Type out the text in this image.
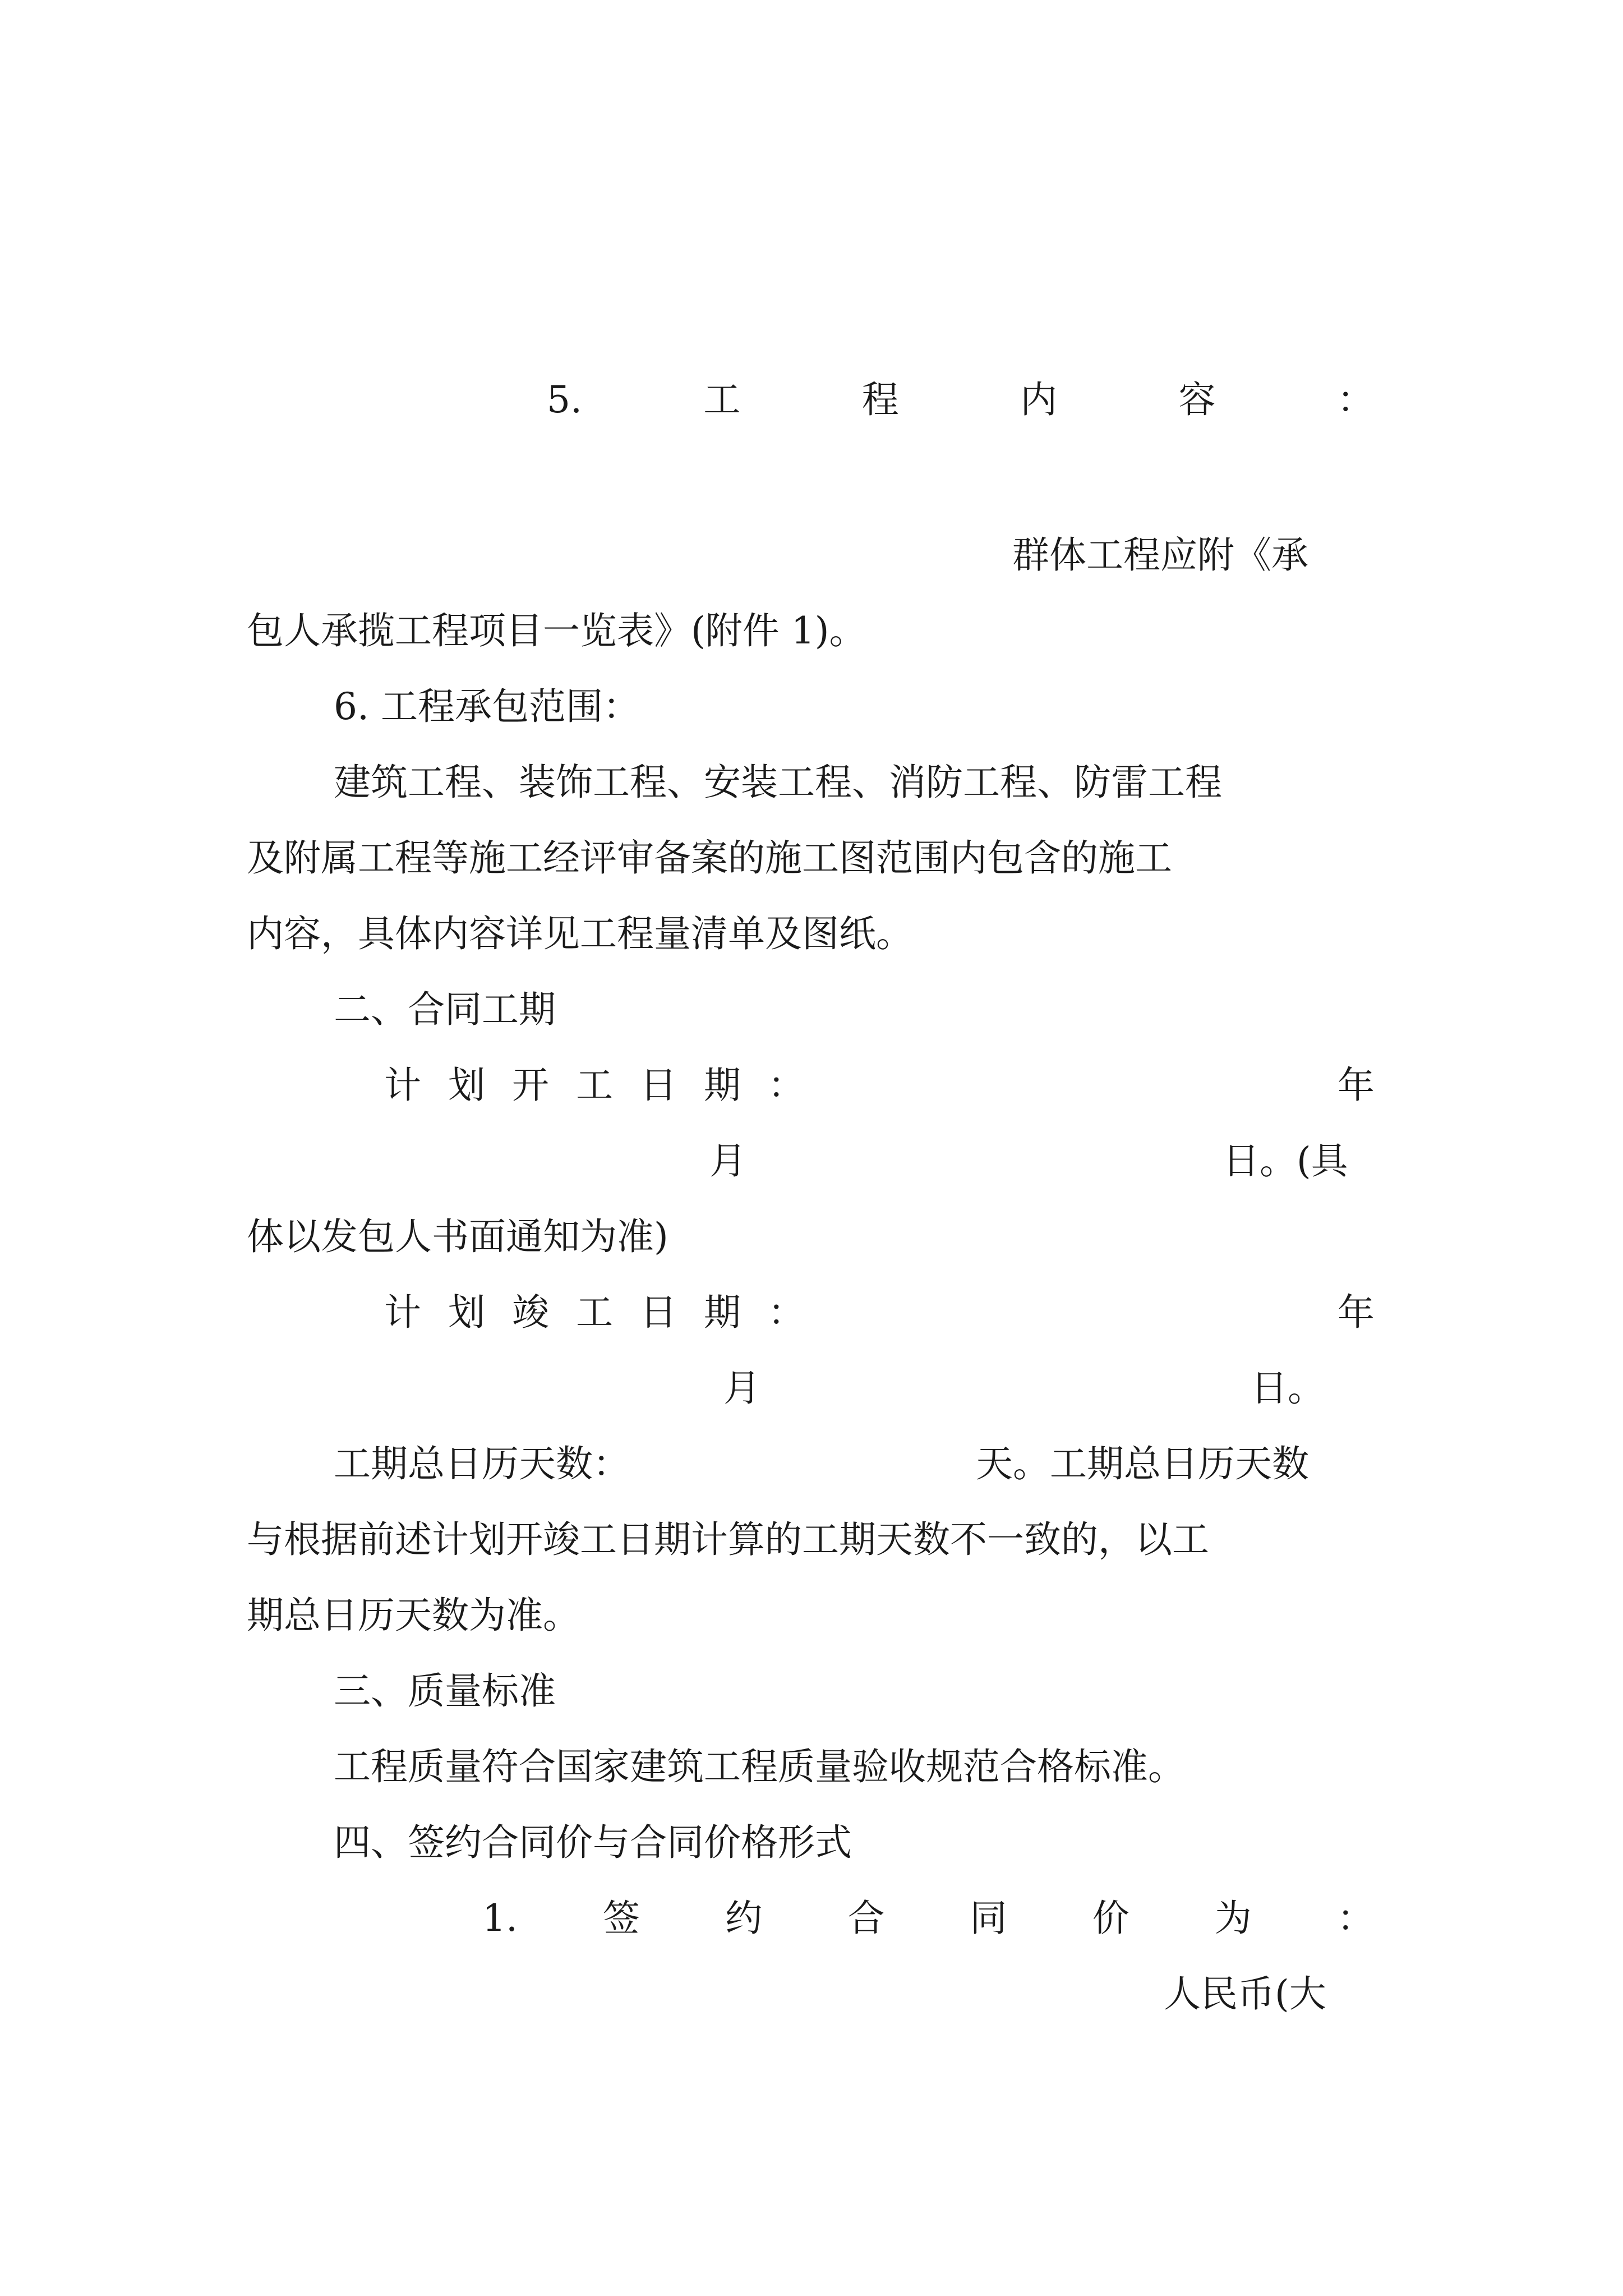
5.	工	程	内	容	：
群体工程应附《承
包人承揽工程项目一览表》(附件 1)。
6. 工程承包范围：
建筑工程、装饰工程、安装工程、消防工程、防雷工程
及附属工程等施工经评审备案的施工图范围内包含的施工
内容，具体内容详见工程量清单及图纸。
二、合同工期
计 划 开 工 日 期 ：	年
月	日。(具
体以发包人书面通知为准)
计 划 竣 工 日 期 ：	年
月	日。
工期总日历天数：	天。工期总日历天数
与根据前述计划开竣工日期计算的工期天数不一致的，以工
期总日历天数为准。
三、质量标准
工程质量符合国家建筑工程质量验收规范合格标准。
四、签约合同价与合同价格形式
1. 签 约 合 同 价 为 ：
人民币(大
